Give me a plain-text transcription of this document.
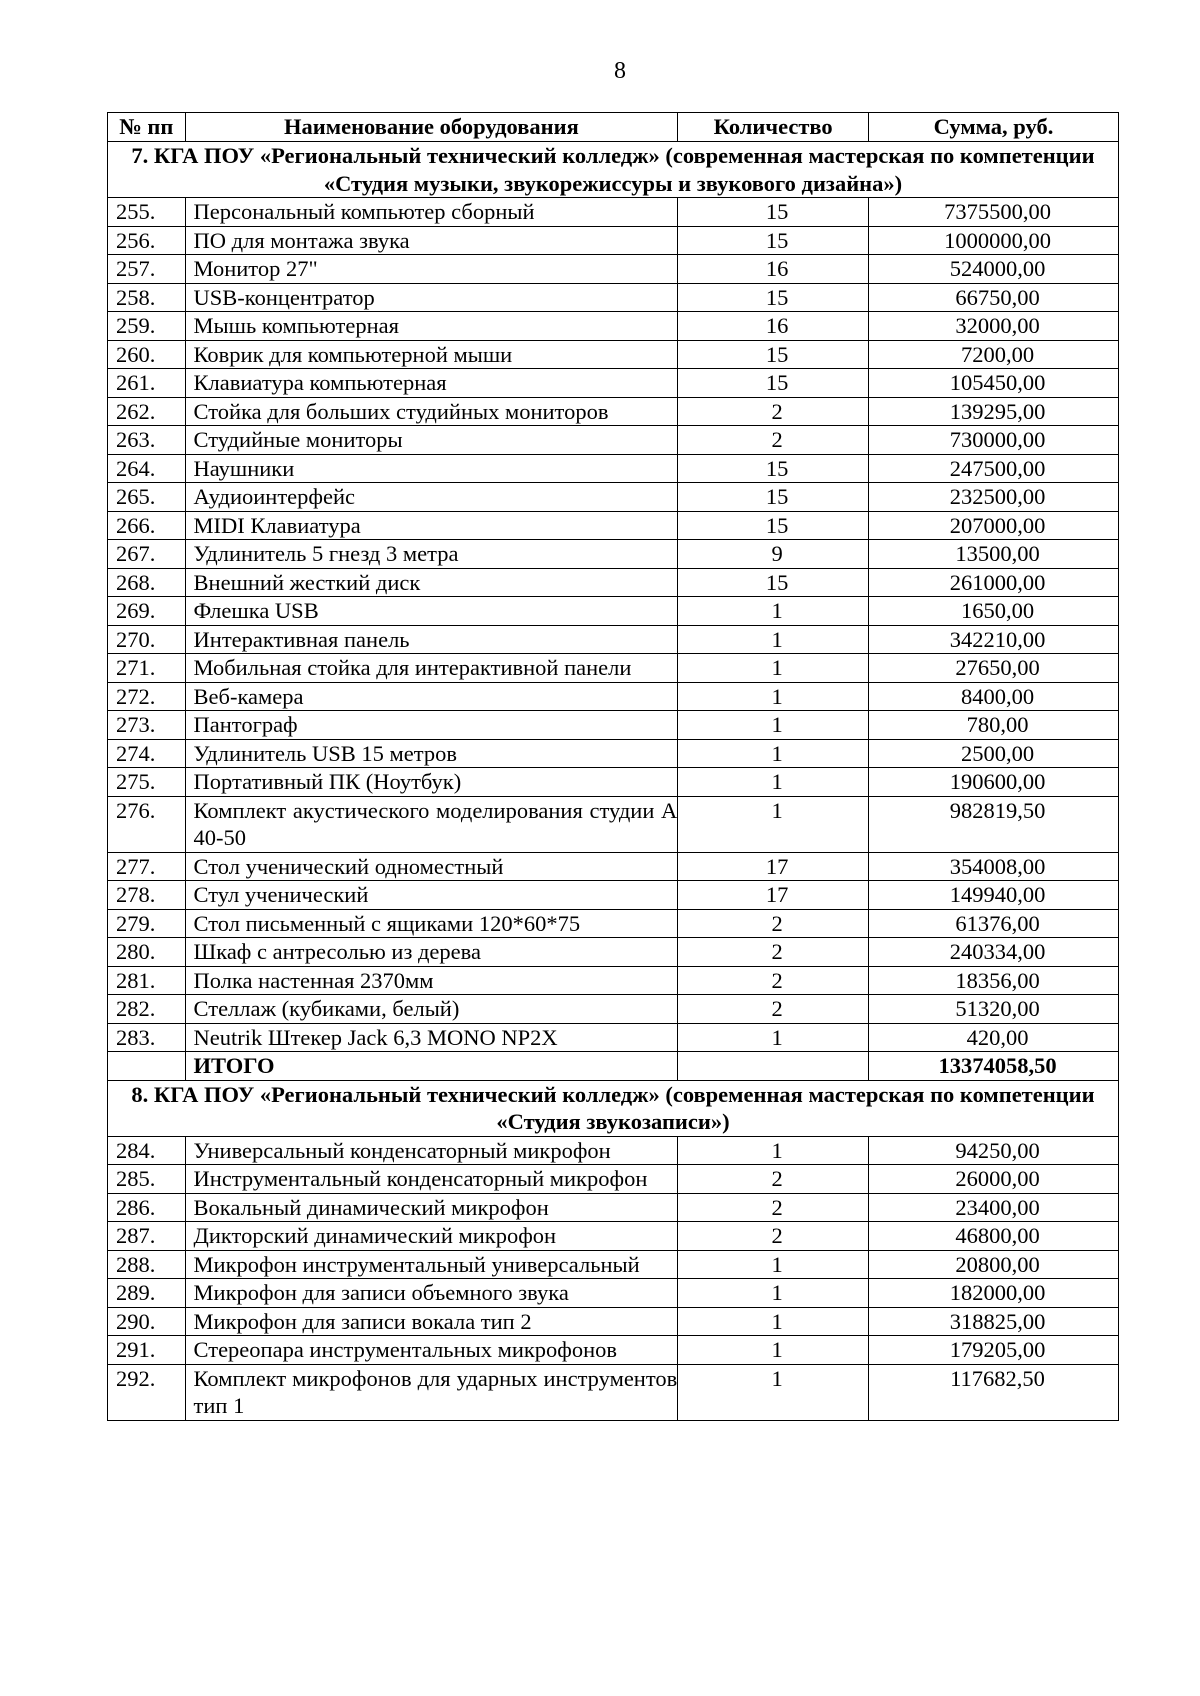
8
№ пп	Наименование оборудования	Количество	Сумма, руб.
7. КГА ПОУ «Региональный технический колледж» (современная мастерская по компетенции «Студия музыки, звукорежиссуры и звукового дизайна»)			
255.	Персональный компьютер сборный	15	7375500,00
256.	ПО для монтажа звука	15	1000000,00
257.	Монитор 27"	16	524000,00
258.	USB-концентратор	15	66750,00
259.	Мышь компьютерная	16	32000,00
260.	Коврик для компьютерной мыши	15	7200,00
261.	Клавиатура компьютерная	15	105450,00
262.	Стойка для больших студийных мониторов	2	139295,00
263.	Студийные мониторы	2	730000,00
264.	Наушники	15	247500,00
265.	Аудиоинтерфейс	15	232500,00
266.	MIDI Клавиатура	15	207000,00
267.	Удлинитель 5 гнезд 3 метра	9	13500,00
268.	Внешний жесткий диск	15	261000,00
269.	Флешка USB	1	1650,00
270.	Интерактивная панель	1	342210,00
271.	Мобильная стойка для интерактивной панели	1	27650,00
272.	Веб-камера	1	8400,00
273.	Пантограф	1	780,00
274.	Удлинитель USB 15 метров	1	2500,00
275.	Портативный ПК (Ноутбук)	1	190600,00
276.	Комплект акустического моделирования студии А 40-50	1	982819,50
277.	Стол ученический одноместный	17	354008,00
278.	Стул ученический	17	149940,00
279.	Стол письменный с ящиками 120*60*75	2	61376,00
280.	Шкаф с антресолью из дерева	2	240334,00
281.	Полка настенная 2370мм	2	18356,00
282.	Стеллаж (кубиками, белый)	2	51320,00
283.	Neutrik Штекер Jack 6,3 MONO NP2X	1	420,00
	ИТОГО		13374058,50
8. КГА ПОУ «Региональный технический колледж» (современная мастерская по компетенции «Студия звукозаписи»)			
284.	Универсальный конденсаторный микрофон	1	94250,00
285.	Инструментальный конденсаторный микрофон	2	26000,00
286.	Вокальный динамический микрофон	2	23400,00
287.	Дикторский динамический микрофон	2	46800,00
288.	Микрофон инструментальный универсальный	1	20800,00
289.	Микрофон для записи объемного звука	1	182000,00
290.	Микрофон для записи вокала тип 2	1	318825,00
291.	Стереопара инструментальных микрофонов	1	179205,00
292.	Комплект микрофонов для ударных инструментов тип 1	1	117682,50
